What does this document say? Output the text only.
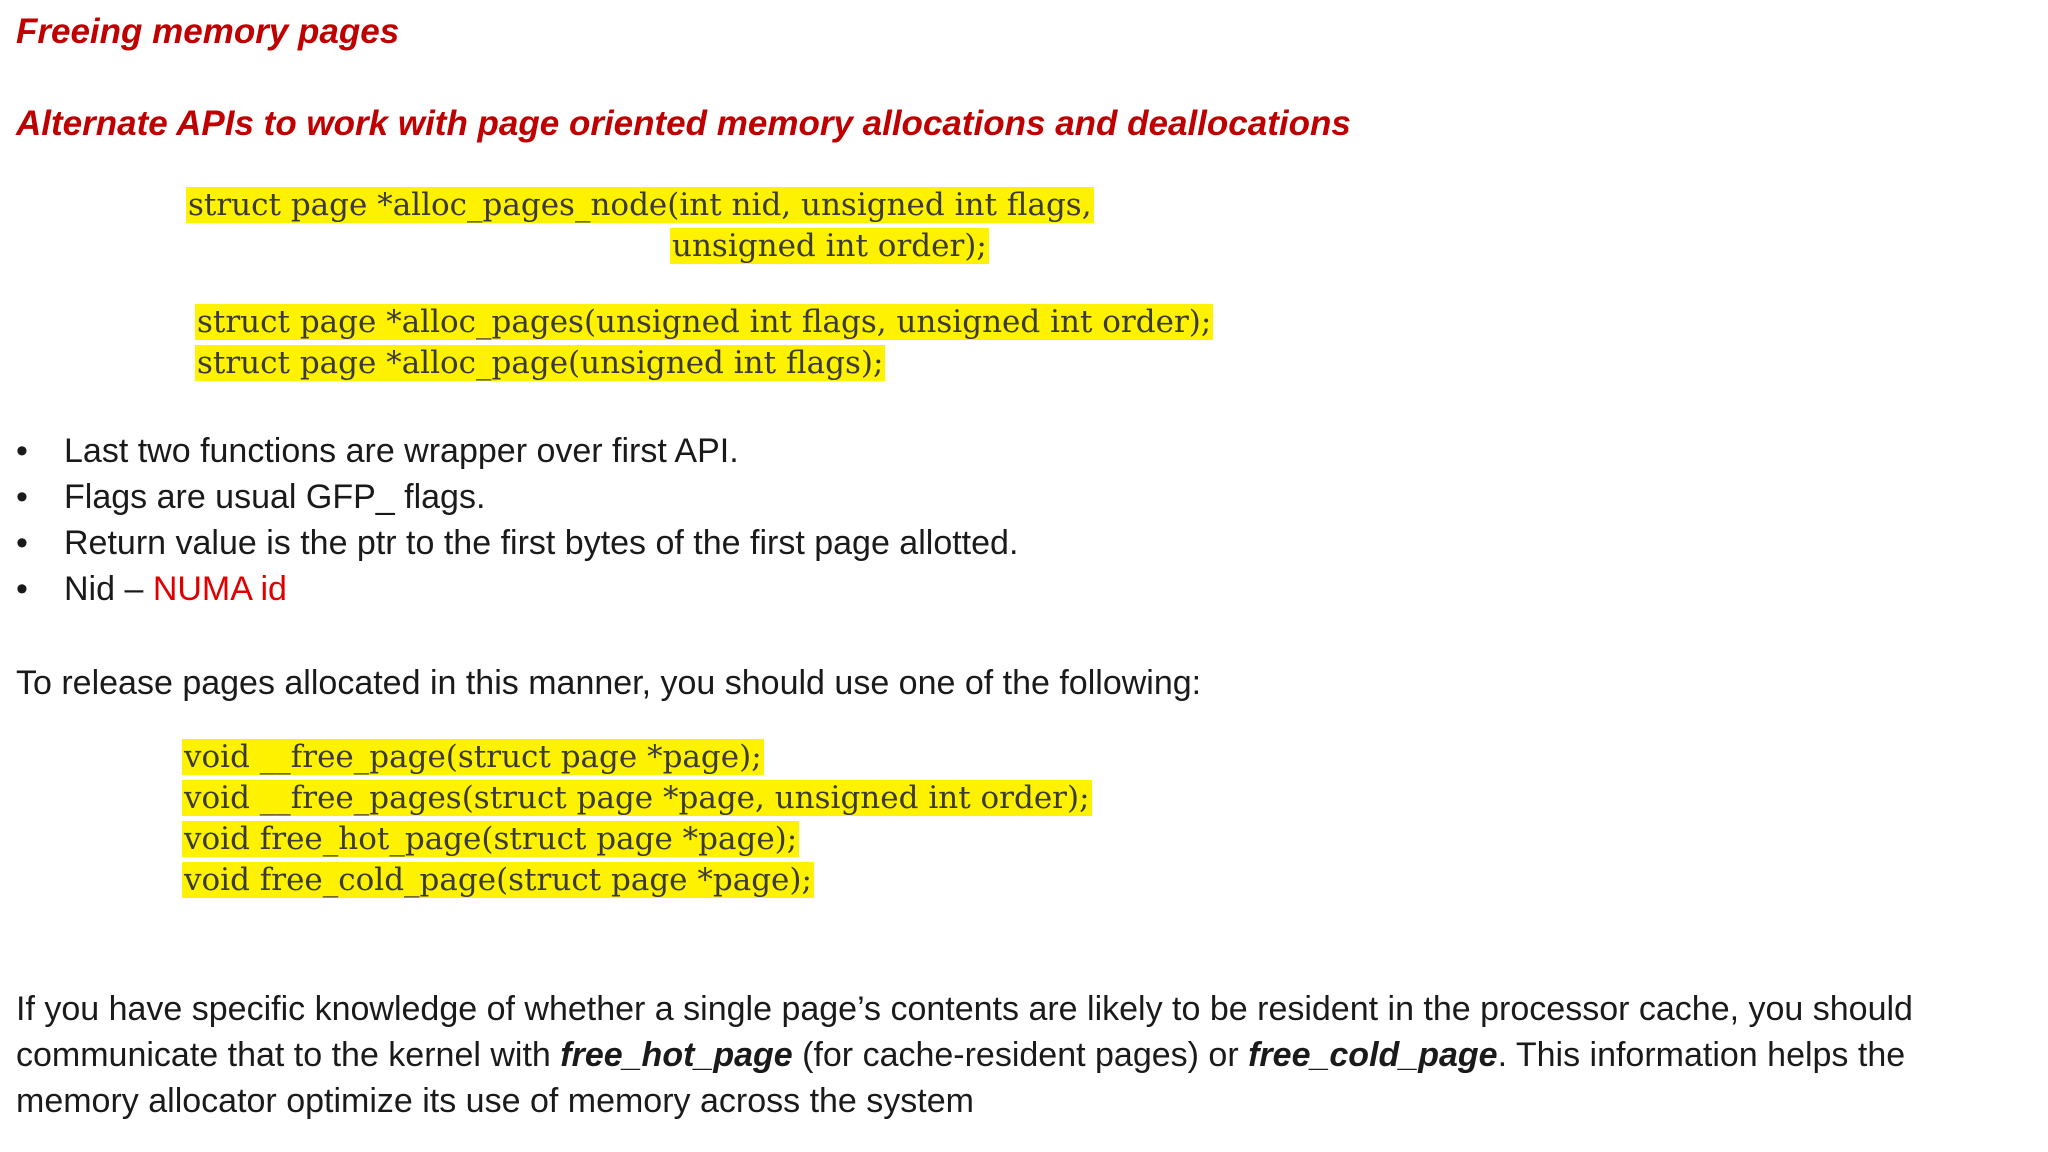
Freeing memory pages
Alternate APIs to work with page oriented memory allocations and deallocations
struct page *alloc_pages_node(int nid, unsigned int flags,
unsigned int order);
struct page *alloc_pages(unsigned int flags, unsigned int order);
struct page *alloc_page(unsigned int flags);
• Last two functions are wrapper over first API.
• Flags are usual GFP_ flags.
• Return value is the ptr to the first bytes of the first page allotted.
• Nid – NUMA id
To release pages allocated in this manner, you should use one of the following:
void __free_page(struct page *page);
void __free_pages(struct page *page, unsigned int order);
void free_hot_page(struct page *page);
void free_cold_page(struct page *page);
If you have specific knowledge of whether a single page’s contents are likely to be resident in the processor cache, you should communicate that to the kernel with free_hot_page (for cache-resident pages) or free_cold_page. This information helps the memory allocator optimize its use of memory across the system
